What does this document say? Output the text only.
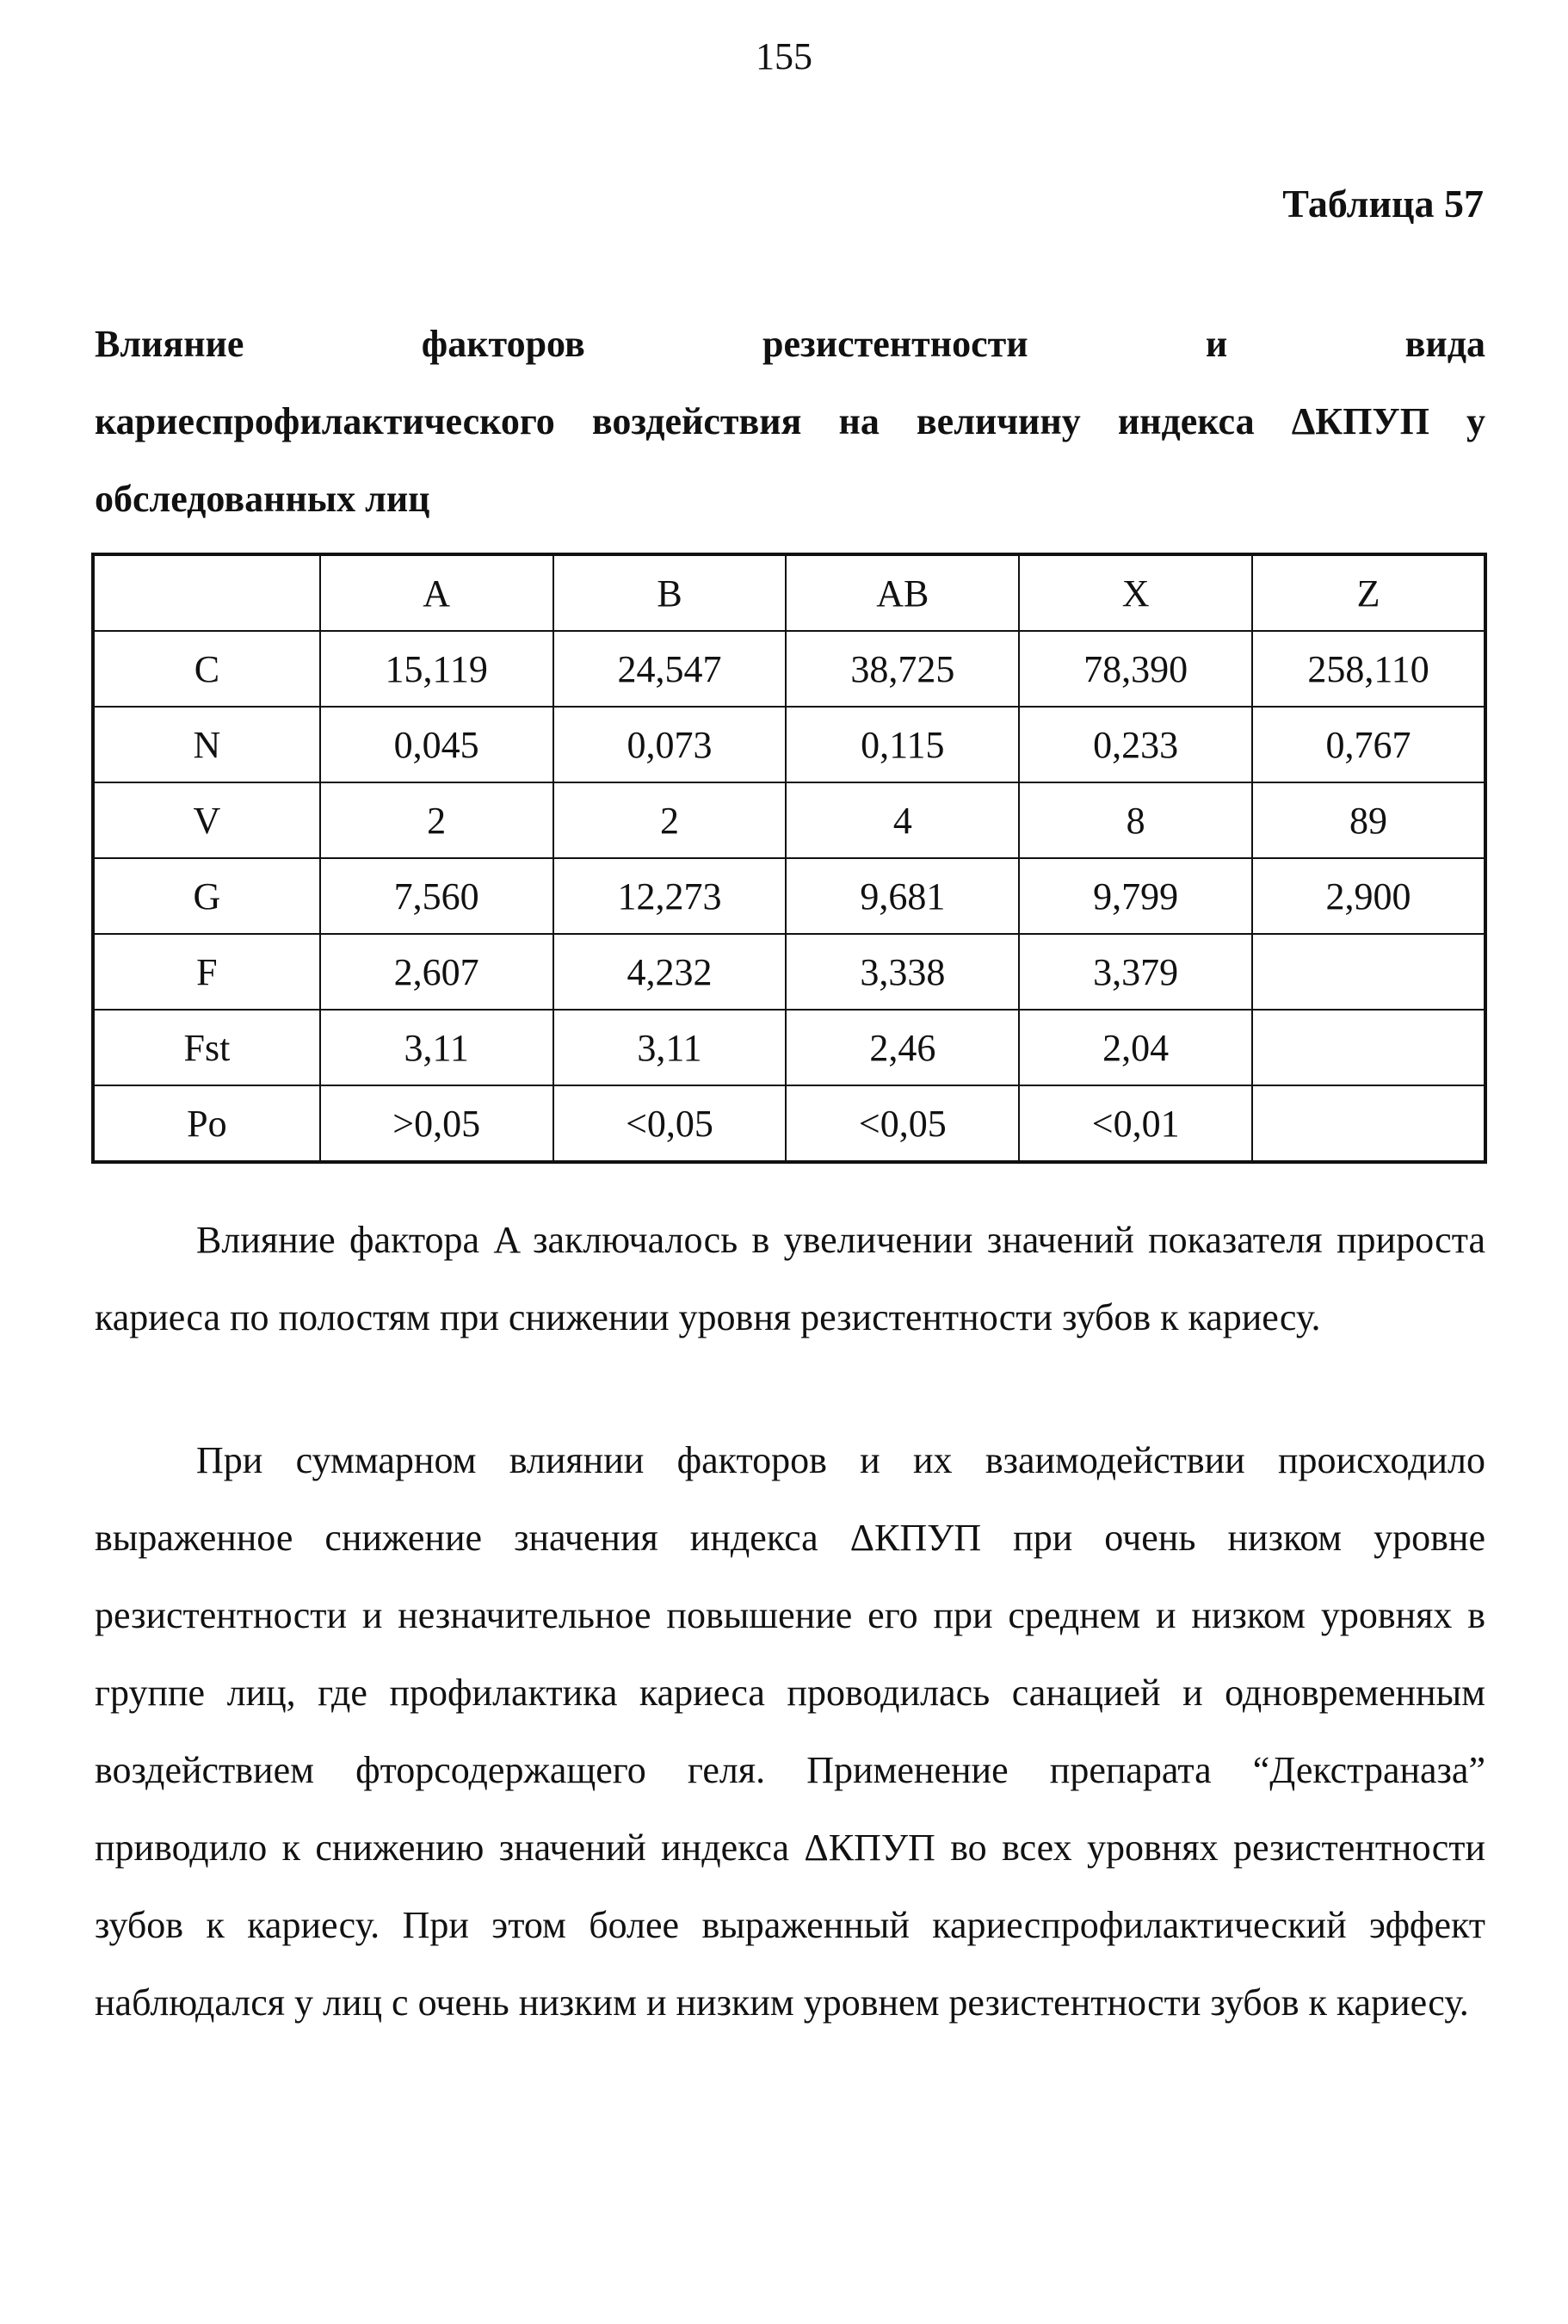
155
Таблица 57
Влияние	факторов	резистентности	и	вида
кариеспрофилактического воздействия на величину индекса ΔКПУП у обследованных лиц
	A	B	AB	X	Z
C	15,119	24,547	38,725	78,390	258,110
N	0,045	0,073	0,115	0,233	0,767
V	2	2	4	8	89
G	7,560	12,273	9,681	9,799	2,900
F	2,607	4,232	3,338	3,379	
Fst	3,11	3,11	2,46	2,04	
Po	>0,05	<0,05	<0,05	<0,01	

Влияние фактора A заключалось в увеличении значений показателя прироста кариеса по полостям при снижении уровня резистентности зубов к кариесу.

При суммарном влиянии факторов и их взаимодействии происходило выраженное снижение значения индекса ΔКПУП при очень низком уровне резистентности и незначительное повышение его при среднем и низком уровнях в группе лиц, где профилактика кариеса проводилась санацией и одновременным воздействием фторсодержащего геля. Применение препарата “Декстраназа” приводило к снижению значений индекса ΔКПУП во всех уровнях резистентности зубов к кариесу. При этом более выраженный кариеспрофилактический эффект наблюдался у лиц с очень низким и низким уровнем резистентности зубов к кариесу.
